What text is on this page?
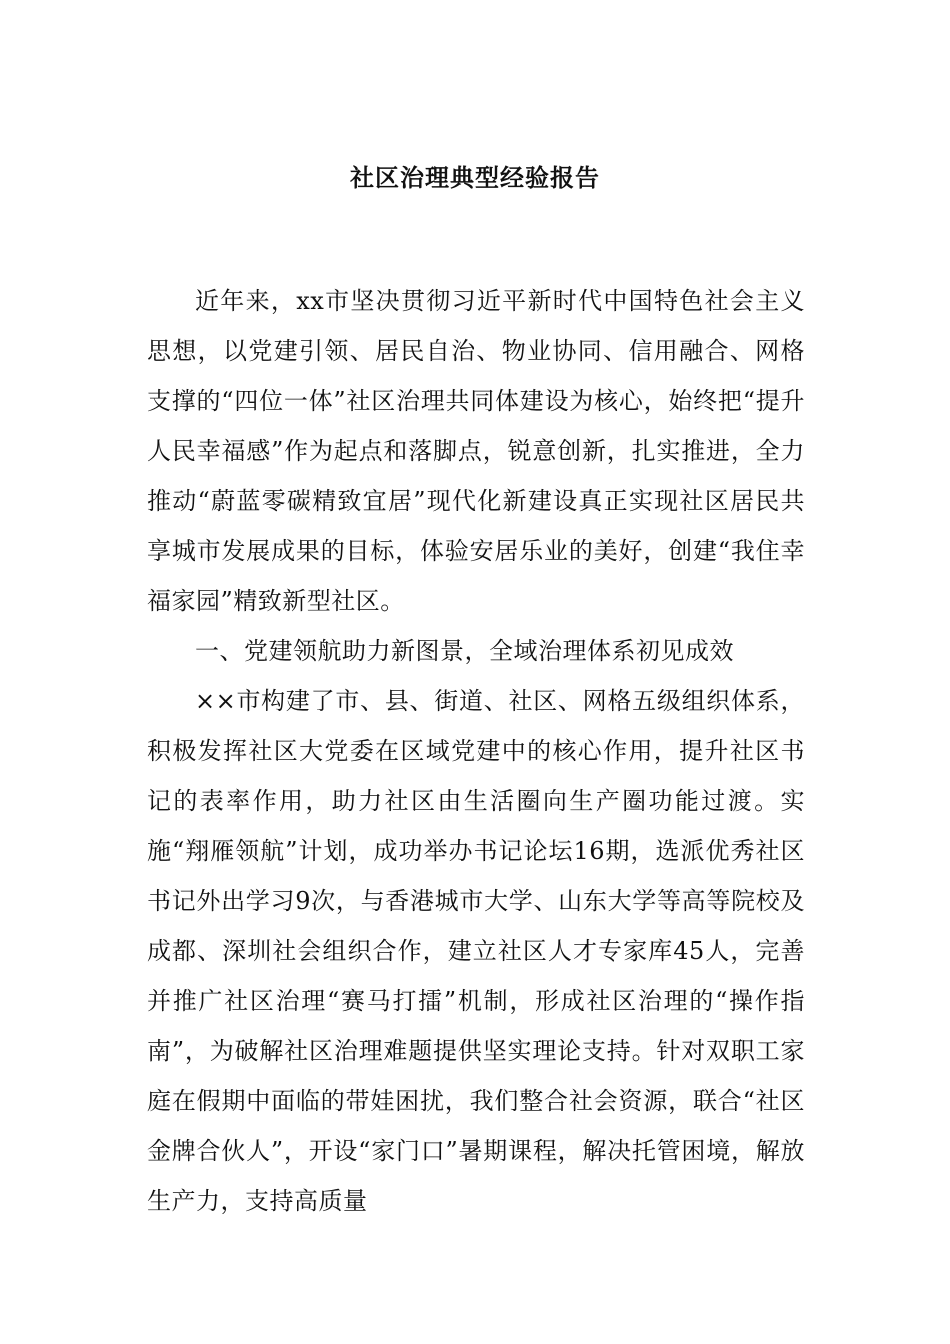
社区治理典型经验报告

近年来，xx市坚决贯彻习近平新时代中国特色社会主义思想，以党建引领、居民自治、物业协同、信用融合、网格支撑的“四位一体”社区治理共同体建设为核心，始终把“提升人民幸福感”作为起点和落脚点，锐意创新，扎实推进，全力推动“蔚蓝零碳精致宜居”现代化新建设真正实现社区居民共享城市发展成果的目标，体验安居乐业的美好，创建“我住幸福家园”精致新型社区。

一、党建领航助力新图景，全域治理体系初见成效

××市构建了市、县、街道、社区、网格五级组织体系，积极发挥社区大党委在区域党建中的核心作用，提升社区书记的表率作用，助力社区由生活圈向生产圈功能过渡。实施“翔雁领航”计划，成功举办书记论坛16期，选派优秀社区书记外出学习9次，与香港城市大学、山东大学等高等院校及成都、深圳社会组织合作，建立社区人才专家库45人，完善并推广社区治理“赛马打擂”机制，形成社区治理的“操作指南”，为破解社区治理难题提供坚实理论支持。针对双职工家庭在假期中面临的带娃困扰，我们整合社会资源，联合“社区金牌合伙人”，开设“家门口”暑期课程，解决托管困境，解放生产力，支持高质量
